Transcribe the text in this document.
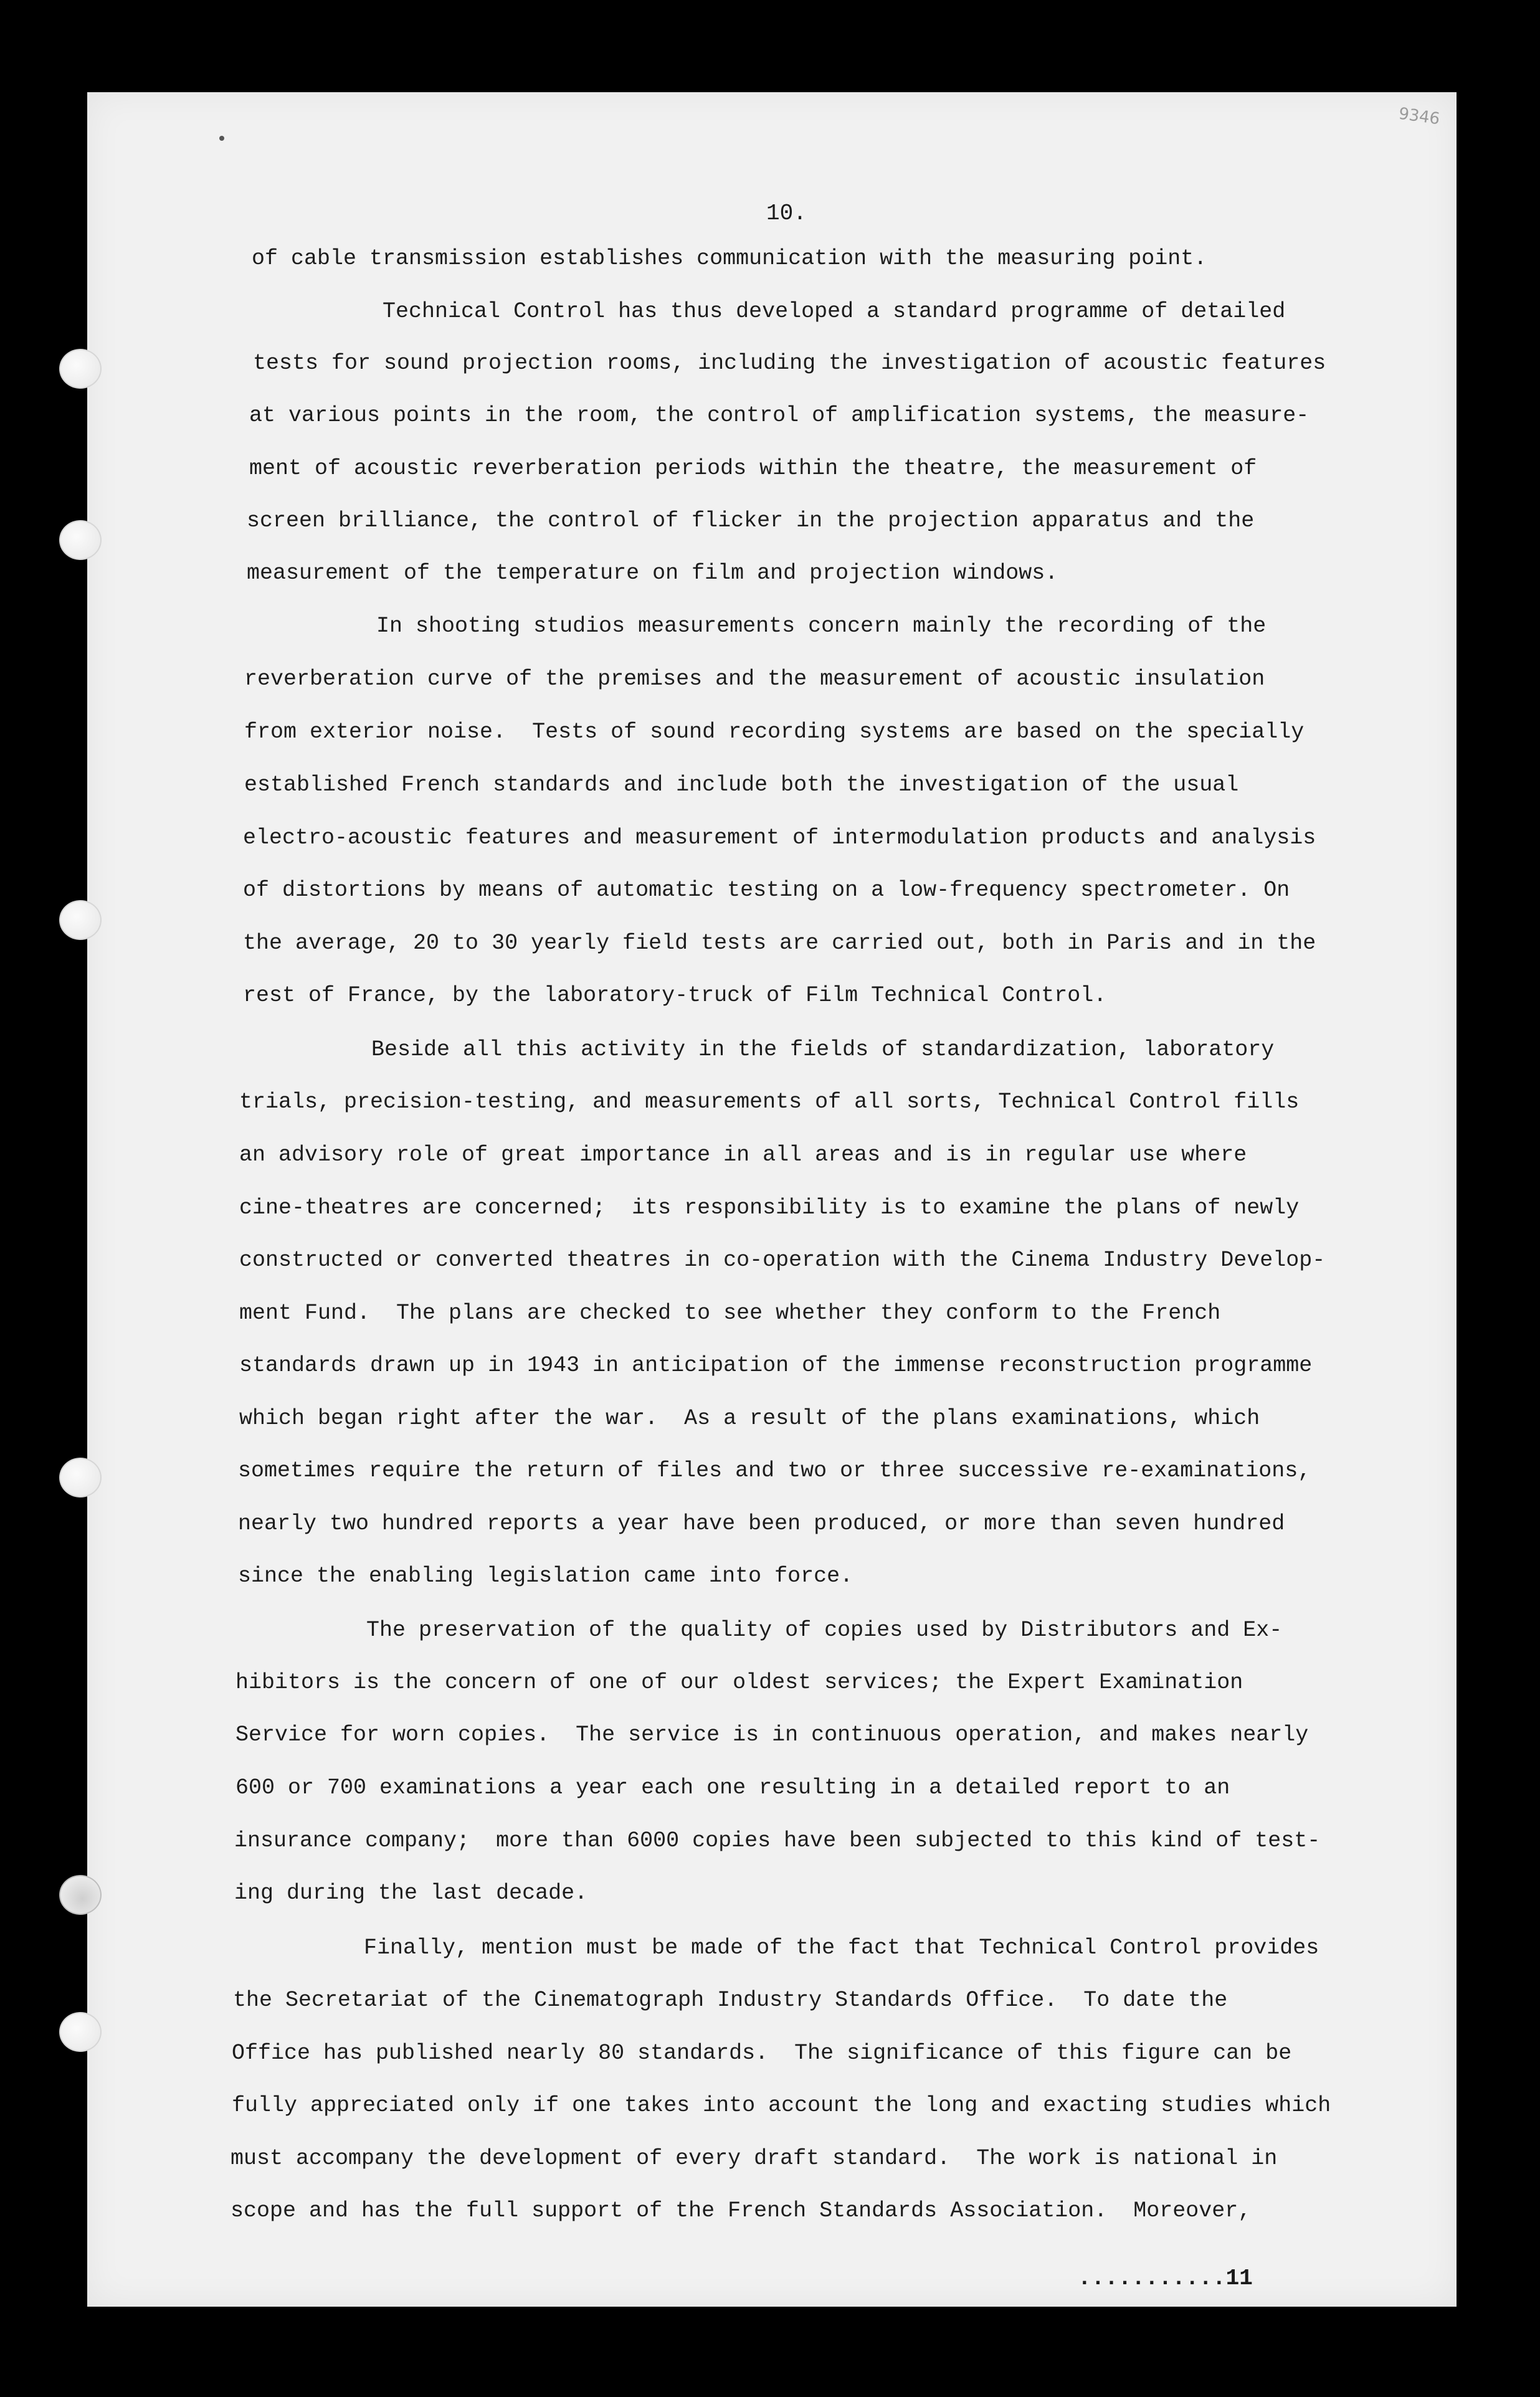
9346
10.
of cable transmission establishes communication with the measuring point.
Technical Control has thus developed a standard programme of detailed
tests for sound projection rooms, including the investigation of acoustic features
at various points in the room, the control of amplification systems, the measure-
ment of acoustic reverberation periods within the theatre, the measurement of
screen brilliance, the control of flicker in the projection apparatus and the
measurement of the temperature on film and projection windows.
In shooting studios measurements concern mainly the recording of the
reverberation curve of the premises and the measurement of acoustic insulation
from exterior noise.  Tests of sound recording systems are based on the specially
established French standards and include both the investigation of the usual
electro-acoustic features and measurement of intermodulation products and analysis
of distortions by means of automatic testing on a low-frequency spectrometer. On
the average, 20 to 30 yearly field tests are carried out, both in Paris and in the
rest of France, by the laboratory-truck of Film Technical Control.
Beside all this activity in the fields of standardization, laboratory
trials, precision-testing, and measurements of all sorts, Technical Control fills
an advisory role of great importance in all areas and is in regular use where
cine-theatres are concerned;  its responsibility is to examine the plans of newly
constructed or converted theatres in co-operation with the Cinema Industry Develop-
ment Fund.  The plans are checked to see whether they conform to the French
standards drawn up in 1943 in anticipation of the immense reconstruction programme
which began right after the war.  As a result of the plans examinations, which
sometimes require the return of files and two or three successive re-examinations,
nearly two hundred reports a year have been produced, or more than seven hundred
since the enabling legislation came into force.
The preservation of the quality of copies used by Distributors and Ex-
hibitors is the concern of one of our oldest services; the Expert Examination
Service for worn copies.  The service is in continuous operation, and makes nearly
600 or 700 examinations a year each one resulting in a detailed report to an
insurance company;  more than 6000 copies have been subjected to this kind of test-
ing during the last decade.
Finally, mention must be made of the fact that Technical Control provides
the Secretariat of the Cinematograph Industry Standards Office.  To date the
Office has published nearly 80 standards.  The significance of this figure can be
fully appreciated only if one takes into account the long and exacting studies which
must accompany the development of every draft standard.  The work is national in
scope and has the full support of the French Standards Association.  Moreover,
...........11
